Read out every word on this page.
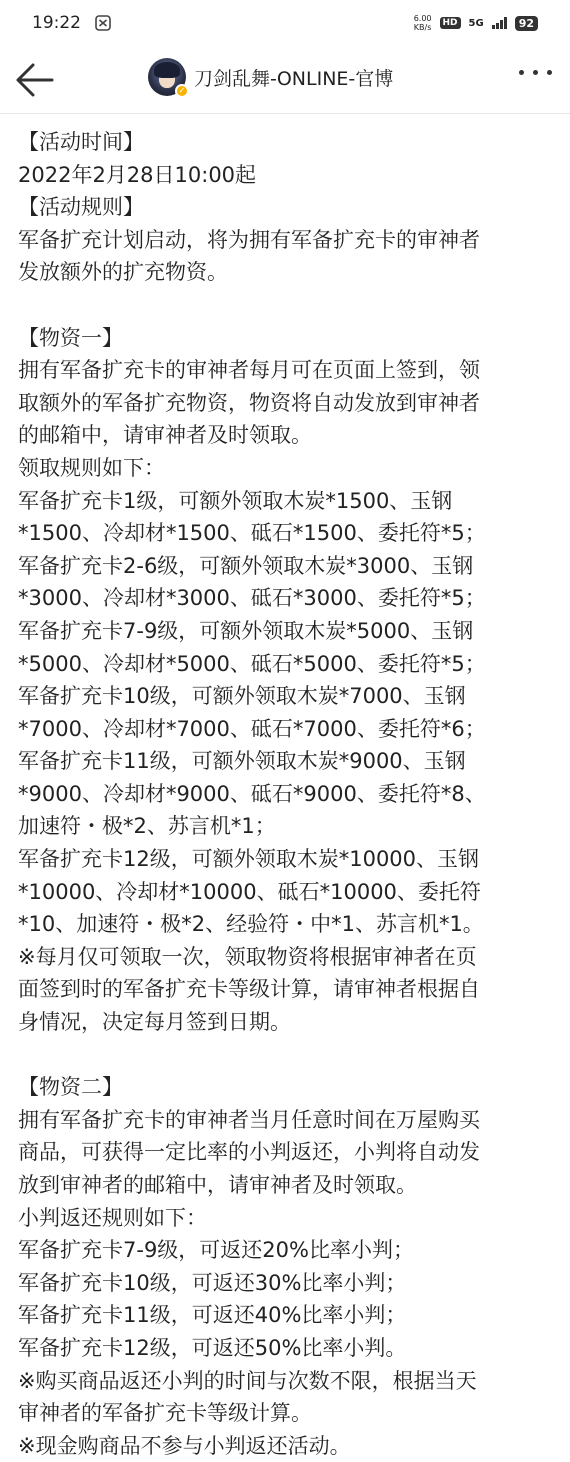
19:22	6.00
KB/s	HD	5G	92
✓
刀剑乱舞-ONLINE-官博
【活动时间】
2022年2月28日10:00起
【活动规则】
军备扩充计划启动，将为拥有军备扩充卡的审神者
发放额外的扩充物资。
【物资一】
拥有军备扩充卡的审神者每月可在页面上签到，领
取额外的军备扩充物资，物资将自动发放到审神者
的邮箱中，请审神者及时领取。
领取规则如下：
军备扩充卡1级，可额外领取木炭*1500、玉钢
*1500、冷却材*1500、砥石*1500、委托符*5；
军备扩充卡2-6级，可额外领取木炭*3000、玉钢
*3000、冷却材*3000、砥石*3000、委托符*5；
军备扩充卡7-9级，可额外领取木炭*5000、玉钢
*5000、冷却材*5000、砥石*5000、委托符*5；
军备扩充卡10级，可额外领取木炭*7000、玉钢
*7000、冷却材*7000、砥石*7000、委托符*6；
军备扩充卡11级，可额外领取木炭*9000、玉钢
*9000、冷却材*9000、砥石*9000、委托符*8、
加速符・极*2、苏言机*1；
军备扩充卡12级，可额外领取木炭*10000、玉钢
*10000、冷却材*10000、砥石*10000、委托符
*10、加速符・极*2、经验符・中*1、苏言机*1。
※每月仅可领取一次，领取物资将根据审神者在页
面签到时的军备扩充卡等级计算，请审神者根据自
身情况，决定每月签到日期。
【物资二】
拥有军备扩充卡的审神者当月任意时间在万屋购买
商品，可获得一定比率的小判返还，小判将自动发
放到审神者的邮箱中，请审神者及时领取。
小判返还规则如下：
军备扩充卡7-9级，可返还20%比率小判；
军备扩充卡10级，可返还30%比率小判；
军备扩充卡11级，可返还40%比率小判；
军备扩充卡12级，可返还50%比率小判。
※购买商品返还小判的时间与次数不限，根据当天
审神者的军备扩充卡等级计算。
※现金购商品不参与小判返还活动。
